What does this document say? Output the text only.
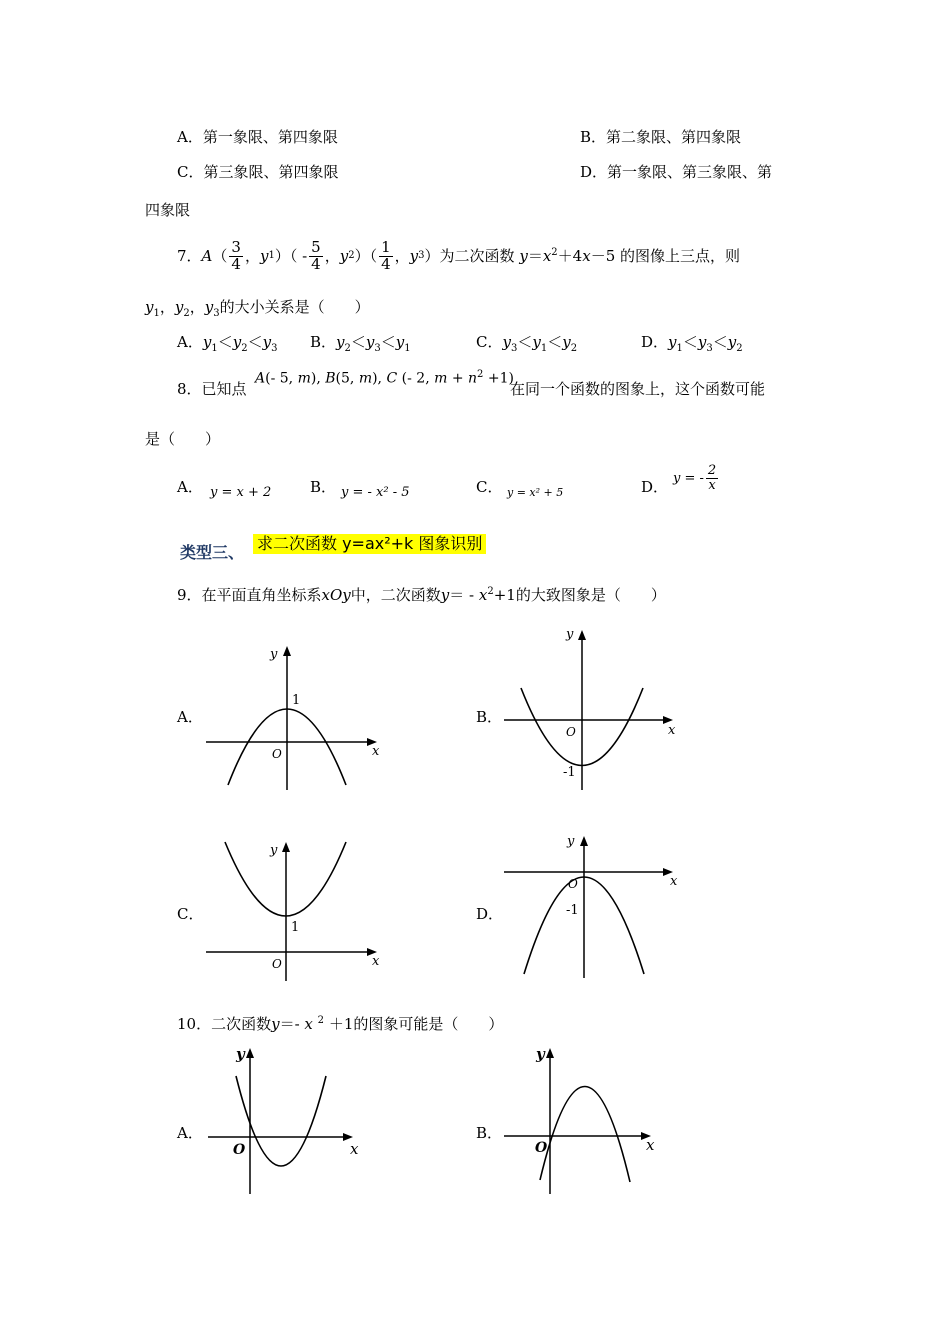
A．第一象限、第四象限	B．第二象限、第四象限
C．第三象限、第四象限	D．第一象限、第三象限、第
四象限
7． A （ $\frac{3}{4}$ ， y 1 ）（ - $\frac{5}{4}$ ， y 2 ）（ $\frac{1}{4}$ ， y 3 ）为二次函数 $y=x^2+4x-5$ 的图像上三点，则
$y_1$，$y_2$，$y_3$的大小关系是（　　）
A．$y_1<y_2<y_3$ B．$y_2<y_3<y_1$	C．$y_3<y_1<y_2$	D．$y_1<y_3<y_2$
8．已知点
A(- 5, m), B(5, m), C (- 2, $m + n^2 +1$)
在同一个函数的图象上，这个函数可能
是（　　）
A． y = x + 2	B． y = - x² - 5	C． y = x² + 5	D． y = - $\frac{2}{x}$
类型三、 求二次函数 y=ax²+k 图象识别
9．在平面直角坐标系xOy中，二次函数$y= - x^2+1$的大致图象是（　　）
A．	B．
C．	D．
y
1
O	x
y
O
-1
x
y
1
O	x
y
O
-1
x
10．二次函数y＝- x $^2$ ＋1的图象可能是（　　）
A．	B．
y
O	x
y
O	x
